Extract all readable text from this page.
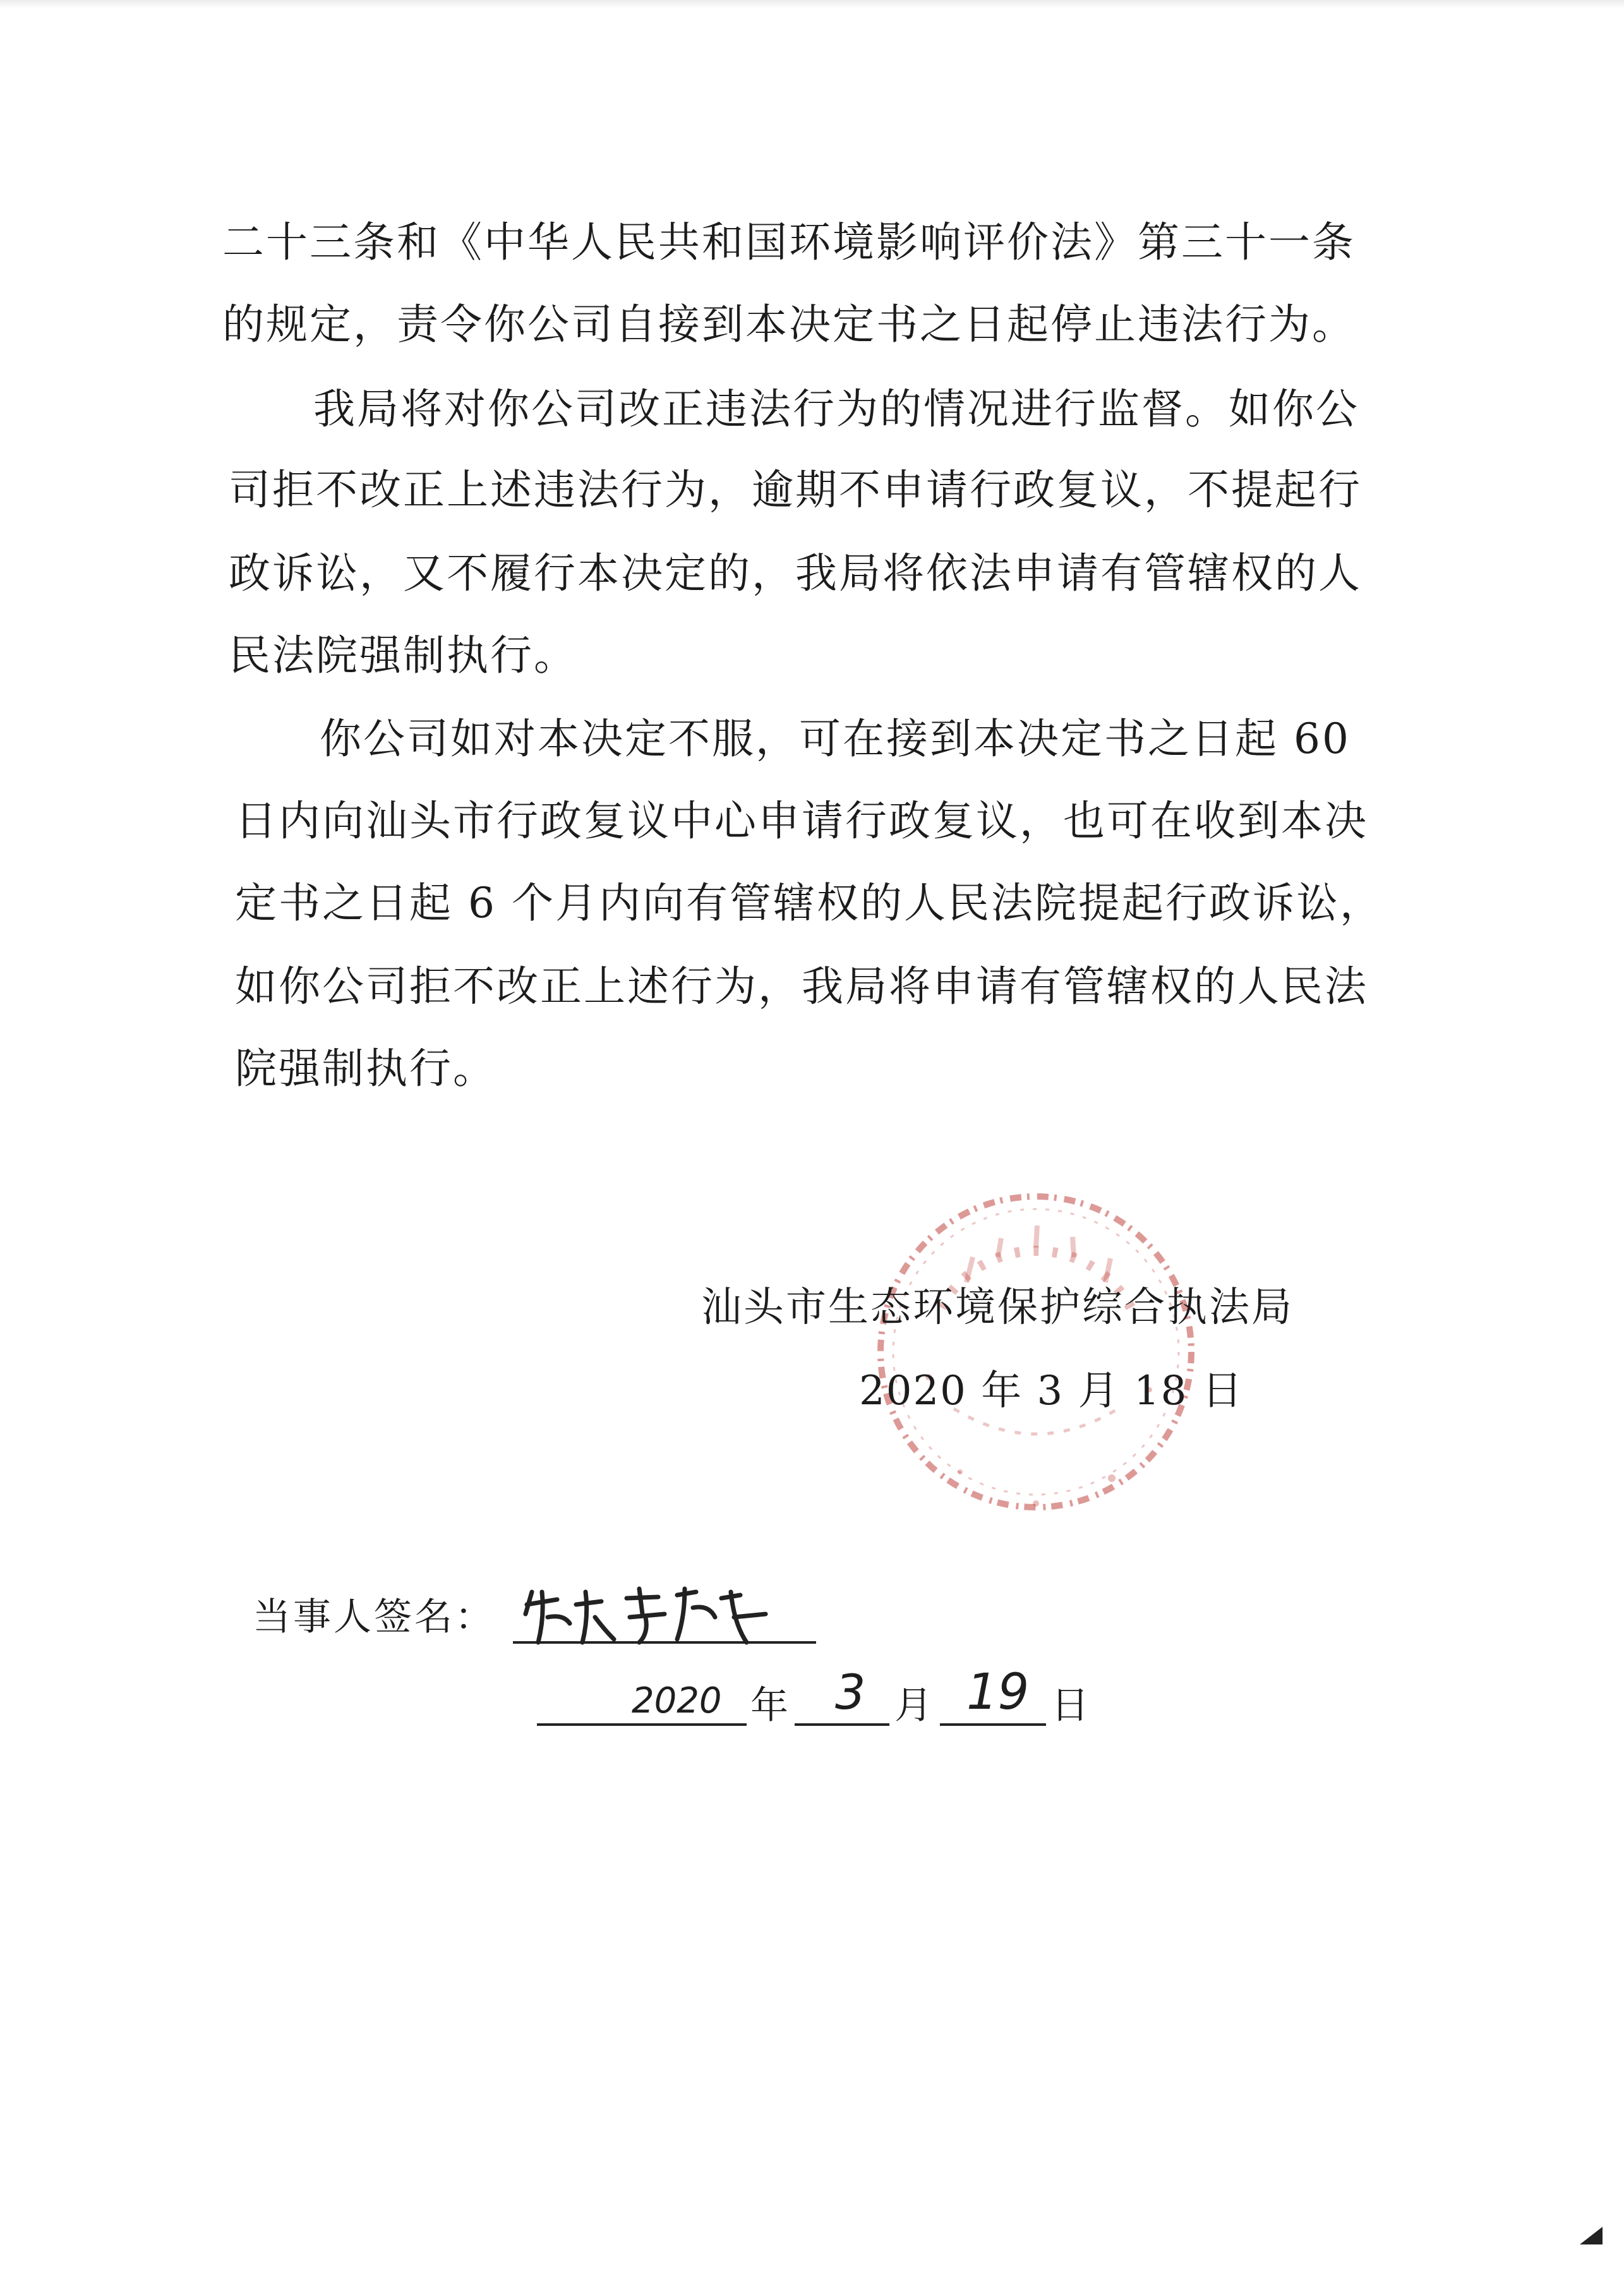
二十三条和《中华人民共和国环境影响评价法》第三十一条
的规定，责令你公司自接到本决定书之日起停止违法行为。
我局将对你公司改正违法行为的情况进行监督。如你公
司拒不改正上述违法行为，逾期不申请行政复议，不提起行
政诉讼，又不履行本决定的，我局将依法申请有管辖权的人
民法院强制执行。
你公司如对本决定不服，可在接到本决定书之日起 60
日内向汕头市行政复议中心申请行政复议，也可在收到本决
定书之日起 6 个月内向有管辖权的人民法院提起行政诉讼，
如你公司拒不改正上述行为，我局将申请有管辖权的人民法
院强制执行。
汕头市生态环境保护综合执法局
2020 年 3 月 18 日
当事人签名：
2020 年 3 月 19 日
